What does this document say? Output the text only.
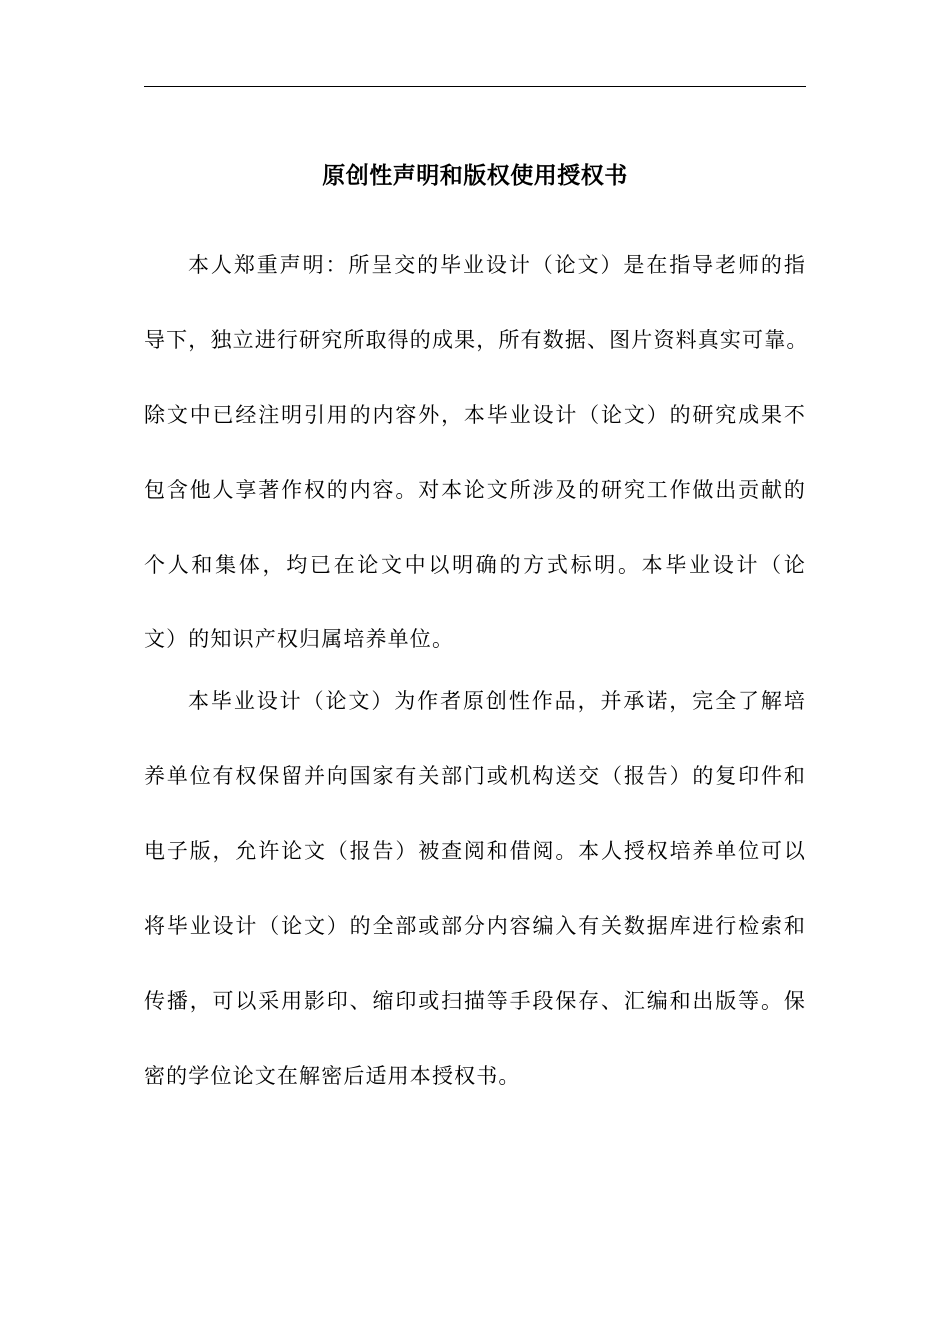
原创性声明和版权使用授权书
本人郑重声明：所呈交的毕业设计（论文）是在指导老师的指
导下，独立进行研究所取得的成果，所有数据、图片资料真实可靠。
除文中已经注明引用的内容外，本毕业设计（论文）的研究成果不
包含他人享著作权的内容。对本论文所涉及的研究工作做出贡献的
个人和集体，均已在论文中以明确的方式标明。本毕业设计（论
文）的知识产权归属培养单位。
本毕业设计（论文）为作者原创性作品，并承诺，完全了解培
养单位有权保留并向国家有关部门或机构送交（报告）的复印件和
电子版，允许论文（报告）被查阅和借阅。本人授权培养单位可以
将毕业设计（论文）的全部或部分内容编入有关数据库进行检索和
传播，可以采用影印、缩印或扫描等手段保存、汇编和出版等。保
密的学位论文在解密后适用本授权书。
